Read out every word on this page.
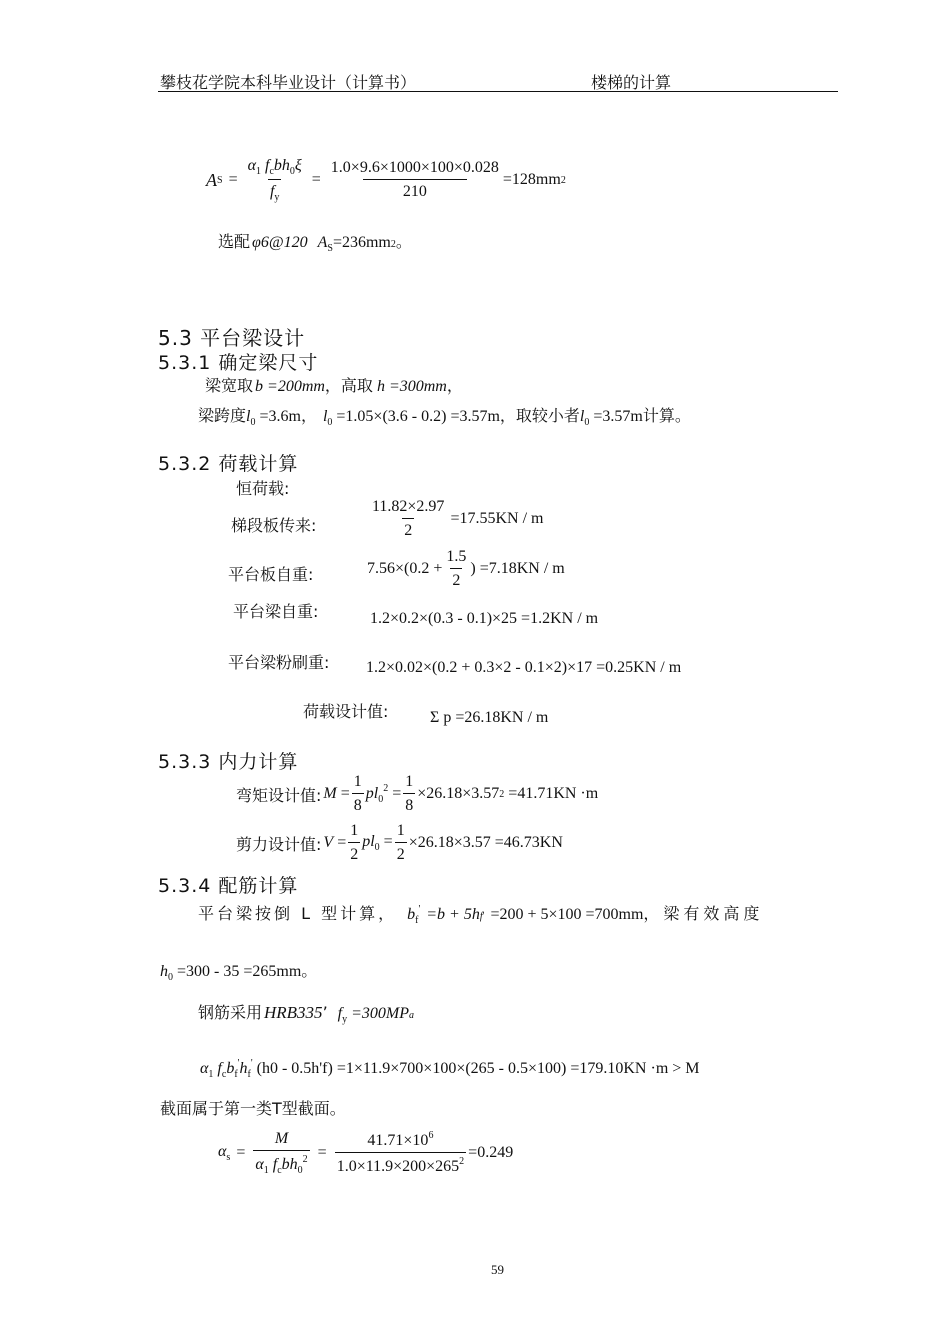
攀枝花学院本科毕业设计（计算书）	楼梯的计算
A $S = \frac{\alpha_1 f_cbh_0\xi}{f_y} = \frac{1.0\times 9.6\times 1000\times 100\times 0.028}{210} =128mm$ 2
选配 φ6@120 $A_S =236mm$ 2 。
5.3 平台梁设计
5.3.1 确定梁尺寸
梁宽取 b =200mm ，高取 h =300mm ，
梁跨度 $l_0 =3.6m$ ， $l_0 =1.05\times(3.6 - 0.2) =3.57m$ ，取较小者 $l_0 =3.57m$ 计算。
5.3.2 荷载计算
恒荷载:
梯段板传来:	$\frac{11.82\times 2.97}{2} =17.55KN / m$
平台板自重:	$7.56\times(0.2 + \frac{1.5}{2}$ ) =7.18KN / m
平台梁自重:	1.2×0.2×(0.3 - 0.1)×25 =1.2KN / m
平台梁粉刷重: 1.2×0.02×(0.2 + 0.3×2 - 0.1×2)×17 =0.25KN / m
荷载设计值:	Σ p =26.18KN / m
5.3.3 内力计算
弯矩设计值: $M = \frac{1}{8} pl_0^2 = \frac{1}{8} \times 26.18\times 3.57$ 2 =41.71KN ·m
剪力设计值: $V = \frac{1}{2} pl_0 = \frac{1}{2} \times 26.18\times 3.57 =46.73KN$
5.3.4 配筋计算
平台梁按倒 L 型计算， $b_f' =b + 5h$ f ' =200 + 5×100 =700mm ，梁有效高度
$h_0 =300 - 35 =265mm$ 。
钢筋采用 HRB335 ’ $f_y =300MP$ a
$\alpha_1$ $f_cb_f'h_f'$ (h0 - 0.5h'f) =1×11.9×700×100×(265 - 0.5×100) =179.10KN ·m > M
截面属于第一类T型截面。
$\alpha_s = \frac{M}{\alpha_1 f_cbh_0^2} = \frac{41.71\times 10^6}{1.0\times 11.9\times 200\times 265^2} =0.249$
59
